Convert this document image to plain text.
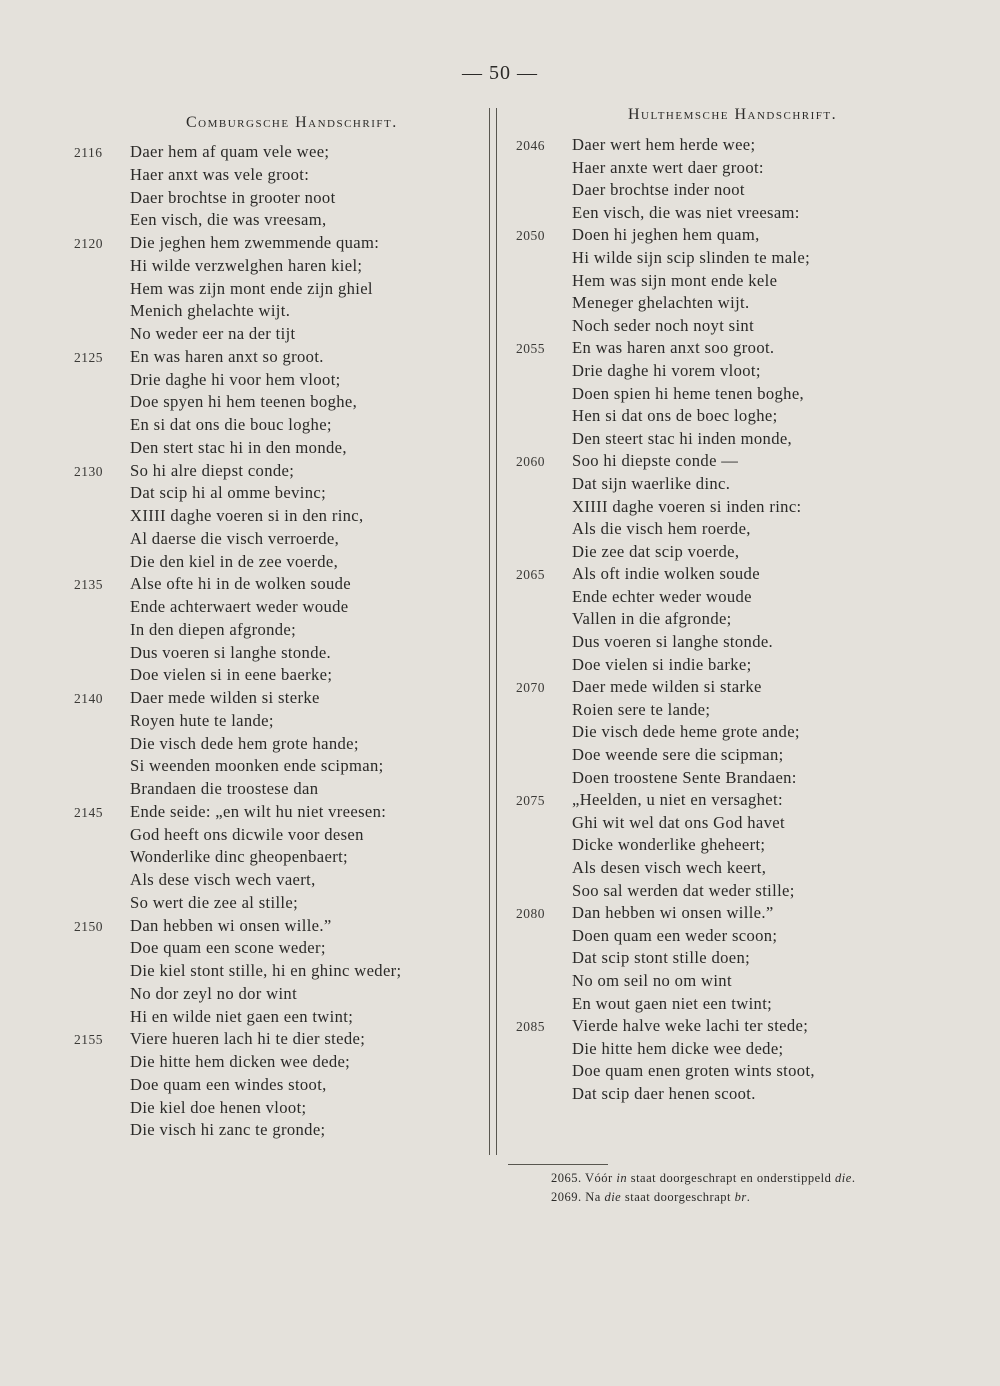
— 50 —
Comburgsche Handschrift.	Hulthemsche Handschrift.
2116	Daer hem af quam vele wee;
Haer anxt was vele groot:
Daer brochtse in grooter noot
Een visch, die was vreesam,
2120	Die jeghen hem zwemmende quam:
Hi wilde verzwelghen haren kiel;
Hem was zijn mont ende zijn ghiel
Menich ghelachte wijt.
No weder eer na der tijt
2125	En was haren anxt so groot.
Drie daghe hi voor hem vloot;
Doe spyen hi hem teenen boghe,
En si dat ons die bouc loghe;
Den stert stac hi in den monde,
2130	So hi alre diepst conde;
Dat scip hi al omme bevinc;
XIIII daghe voeren si in den rinc,
Al daerse die visch verroerde,
Die den kiel in de zee voerde,
2135	Alse ofte hi in de wolken soude
Ende achterwaert weder woude
In den diepen afgronde;
Dus voeren si langhe stonde.
Doe vielen si in eene baerke;
2140	Daer mede wilden si sterke
Royen hute te lande;
Die visch dede hem grote hande;
Si weenden moonken ende scipman;
Brandaen die troostese dan
2145	Ende seide: „en wilt hu niet vreesen:
God heeft ons dicwile voor desen
Wonderlike dinc gheopenbaert;
Als dese visch wech vaert,
So wert die zee al stille;
2150	Dan hebben wi onsen wille.”
Doe quam een scone weder;
Die kiel stont stille, hi en ghinc weder;
No dor zeyl no dor wint
Hi en wilde niet gaen een twint;
2155	Viere hueren lach hi te dier stede;
Die hitte hem dicken wee dede;
Doe quam een windes stoot,
Die kiel doe henen vloot;
Die visch hi zanc te gronde;
2046	Daer wert hem herde wee;
Haer anxte wert daer groot:
Daer brochtse inder noot
Een visch, die was niet vreesam:
2050	Doen hi jeghen hem quam,
Hi wilde sijn scip slinden te male;
Hem was sijn mont ende kele
Meneger ghelachten wijt.
Noch seder noch noyt sint
2055	En was haren anxt soo groot.
Drie daghe hi vorem vloot;
Doen spien hi heme tenen boghe,
Hen si dat ons de boec loghe;
Den steert stac hi inden monde,
2060	Soo hi diepste conde —
Dat sijn waerlike dinc.
XIIII daghe voeren si inden rinc:
Als die visch hem roerde,
Die zee dat scip voerde,
2065	Als oft indie wolken soude
Ende echter weder woude
Vallen in die afgronde;
Dus voeren si langhe stonde.
Doe vielen si indie barke;
2070	Daer mede wilden si starke
Roien sere te lande;
Die visch dede heme grote ande;
Doe weende sere die scipman;
Doen troostene Sente Brandaen:
2075	„Heelden, u niet en versaghet:
Ghi wit wel dat ons God havet
Dicke wonderlike gheheert;
Als desen visch wech keert,
Soo sal werden dat weder stille;
2080	Dan hebben wi onsen wille.”
Doen quam een weder scoon;
Dat scip stont stille doen;
No om seil no om wint
En wout gaen niet een twint;
2085	Vierde halve weke lachi ter stede;
Die hitte hem dicke wee dede;
Doe quam enen groten wints stoot,
Dat scip daer henen scoot.
2065. Vóór in staat doorgeschrapt en onderstippeld die.
2069. Na die staat doorgeschrapt br.
